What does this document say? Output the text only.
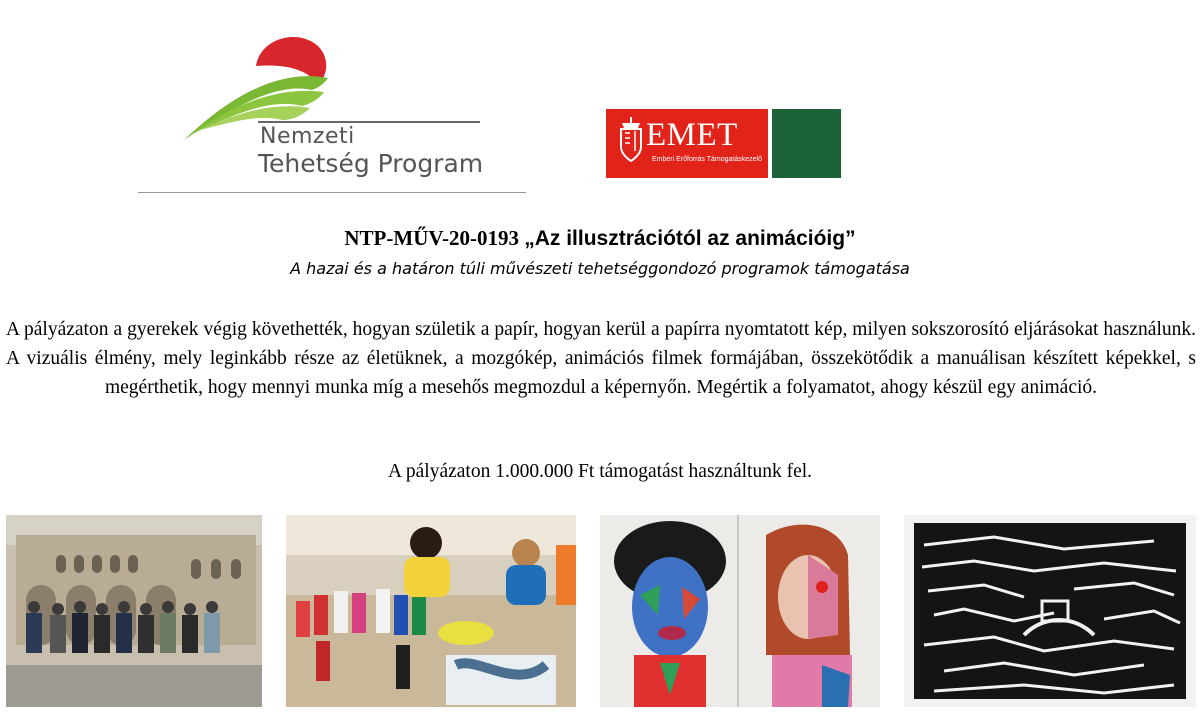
Nemzeti
Tehetség Program
EMET
Emberi Erőforrás Támogatáskezelő
NTP-MŰV-20-0193 „Az illusztrációtól az animációig”
A hazai és a határon túli művészeti tehetséggondozó programok támogatása
A pályázaton a gyerekek végig követhették, hogyan születik a papír, hogyan kerül a papírra nyomtatott kép, milyen sokszorosító eljárásokat használunk. A vizuális élmény, mely leginkább része az életüknek, a mozgókép, animációs filmek formájában, összekötődik a manuálisan készített képekkel, s megérthetik, hogy mennyi munka míg a mesehős megmozdul a képernyőn. Megértik a folyamatot, ahogy készül egy animáció.
A pályázaton 1.000.000 Ft támogatást használtunk fel.
